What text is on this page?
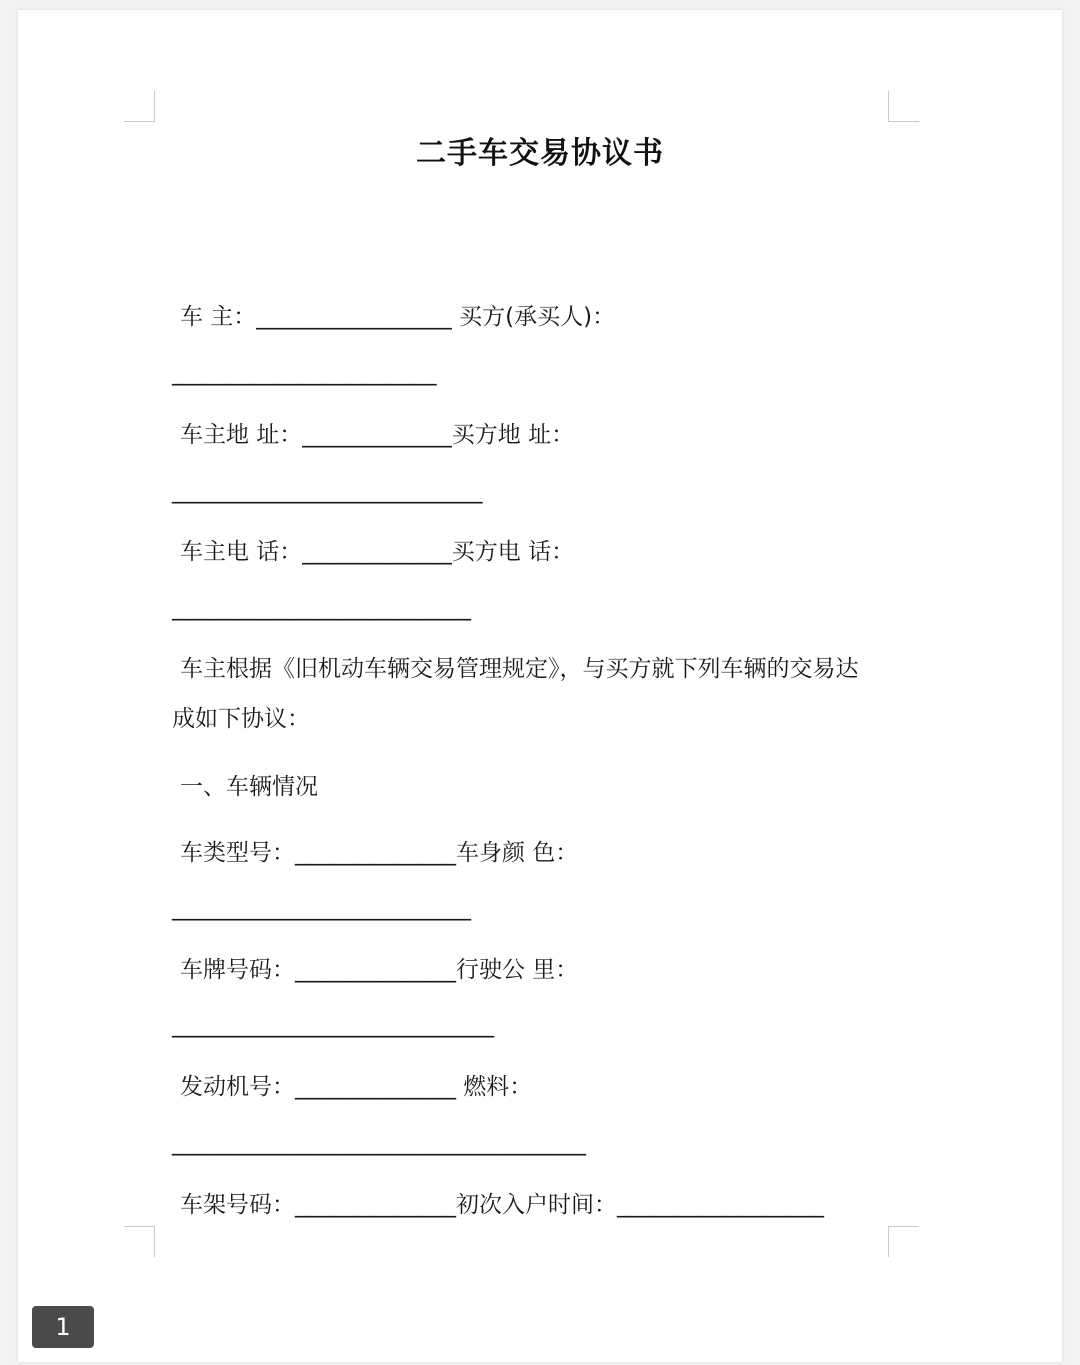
二手车交易协议书
车 主：_________________ 买方(承买人)：
_______________________
车主地 址：_____________买方地 址：
___________________________
车主电 话：_____________买方电 话：
__________________________
车主根据《旧机动车辆交易管理规定》，与买方就下列车辆的交易达
成如下协议：
一、车辆情况
车类型号：______________车身颜 色：
__________________________
车牌号码：______________行驶公 里：
____________________________
发动机号：______________ 燃料：
____________________________________
车架号码：______________初次入户时间：__________________
1
